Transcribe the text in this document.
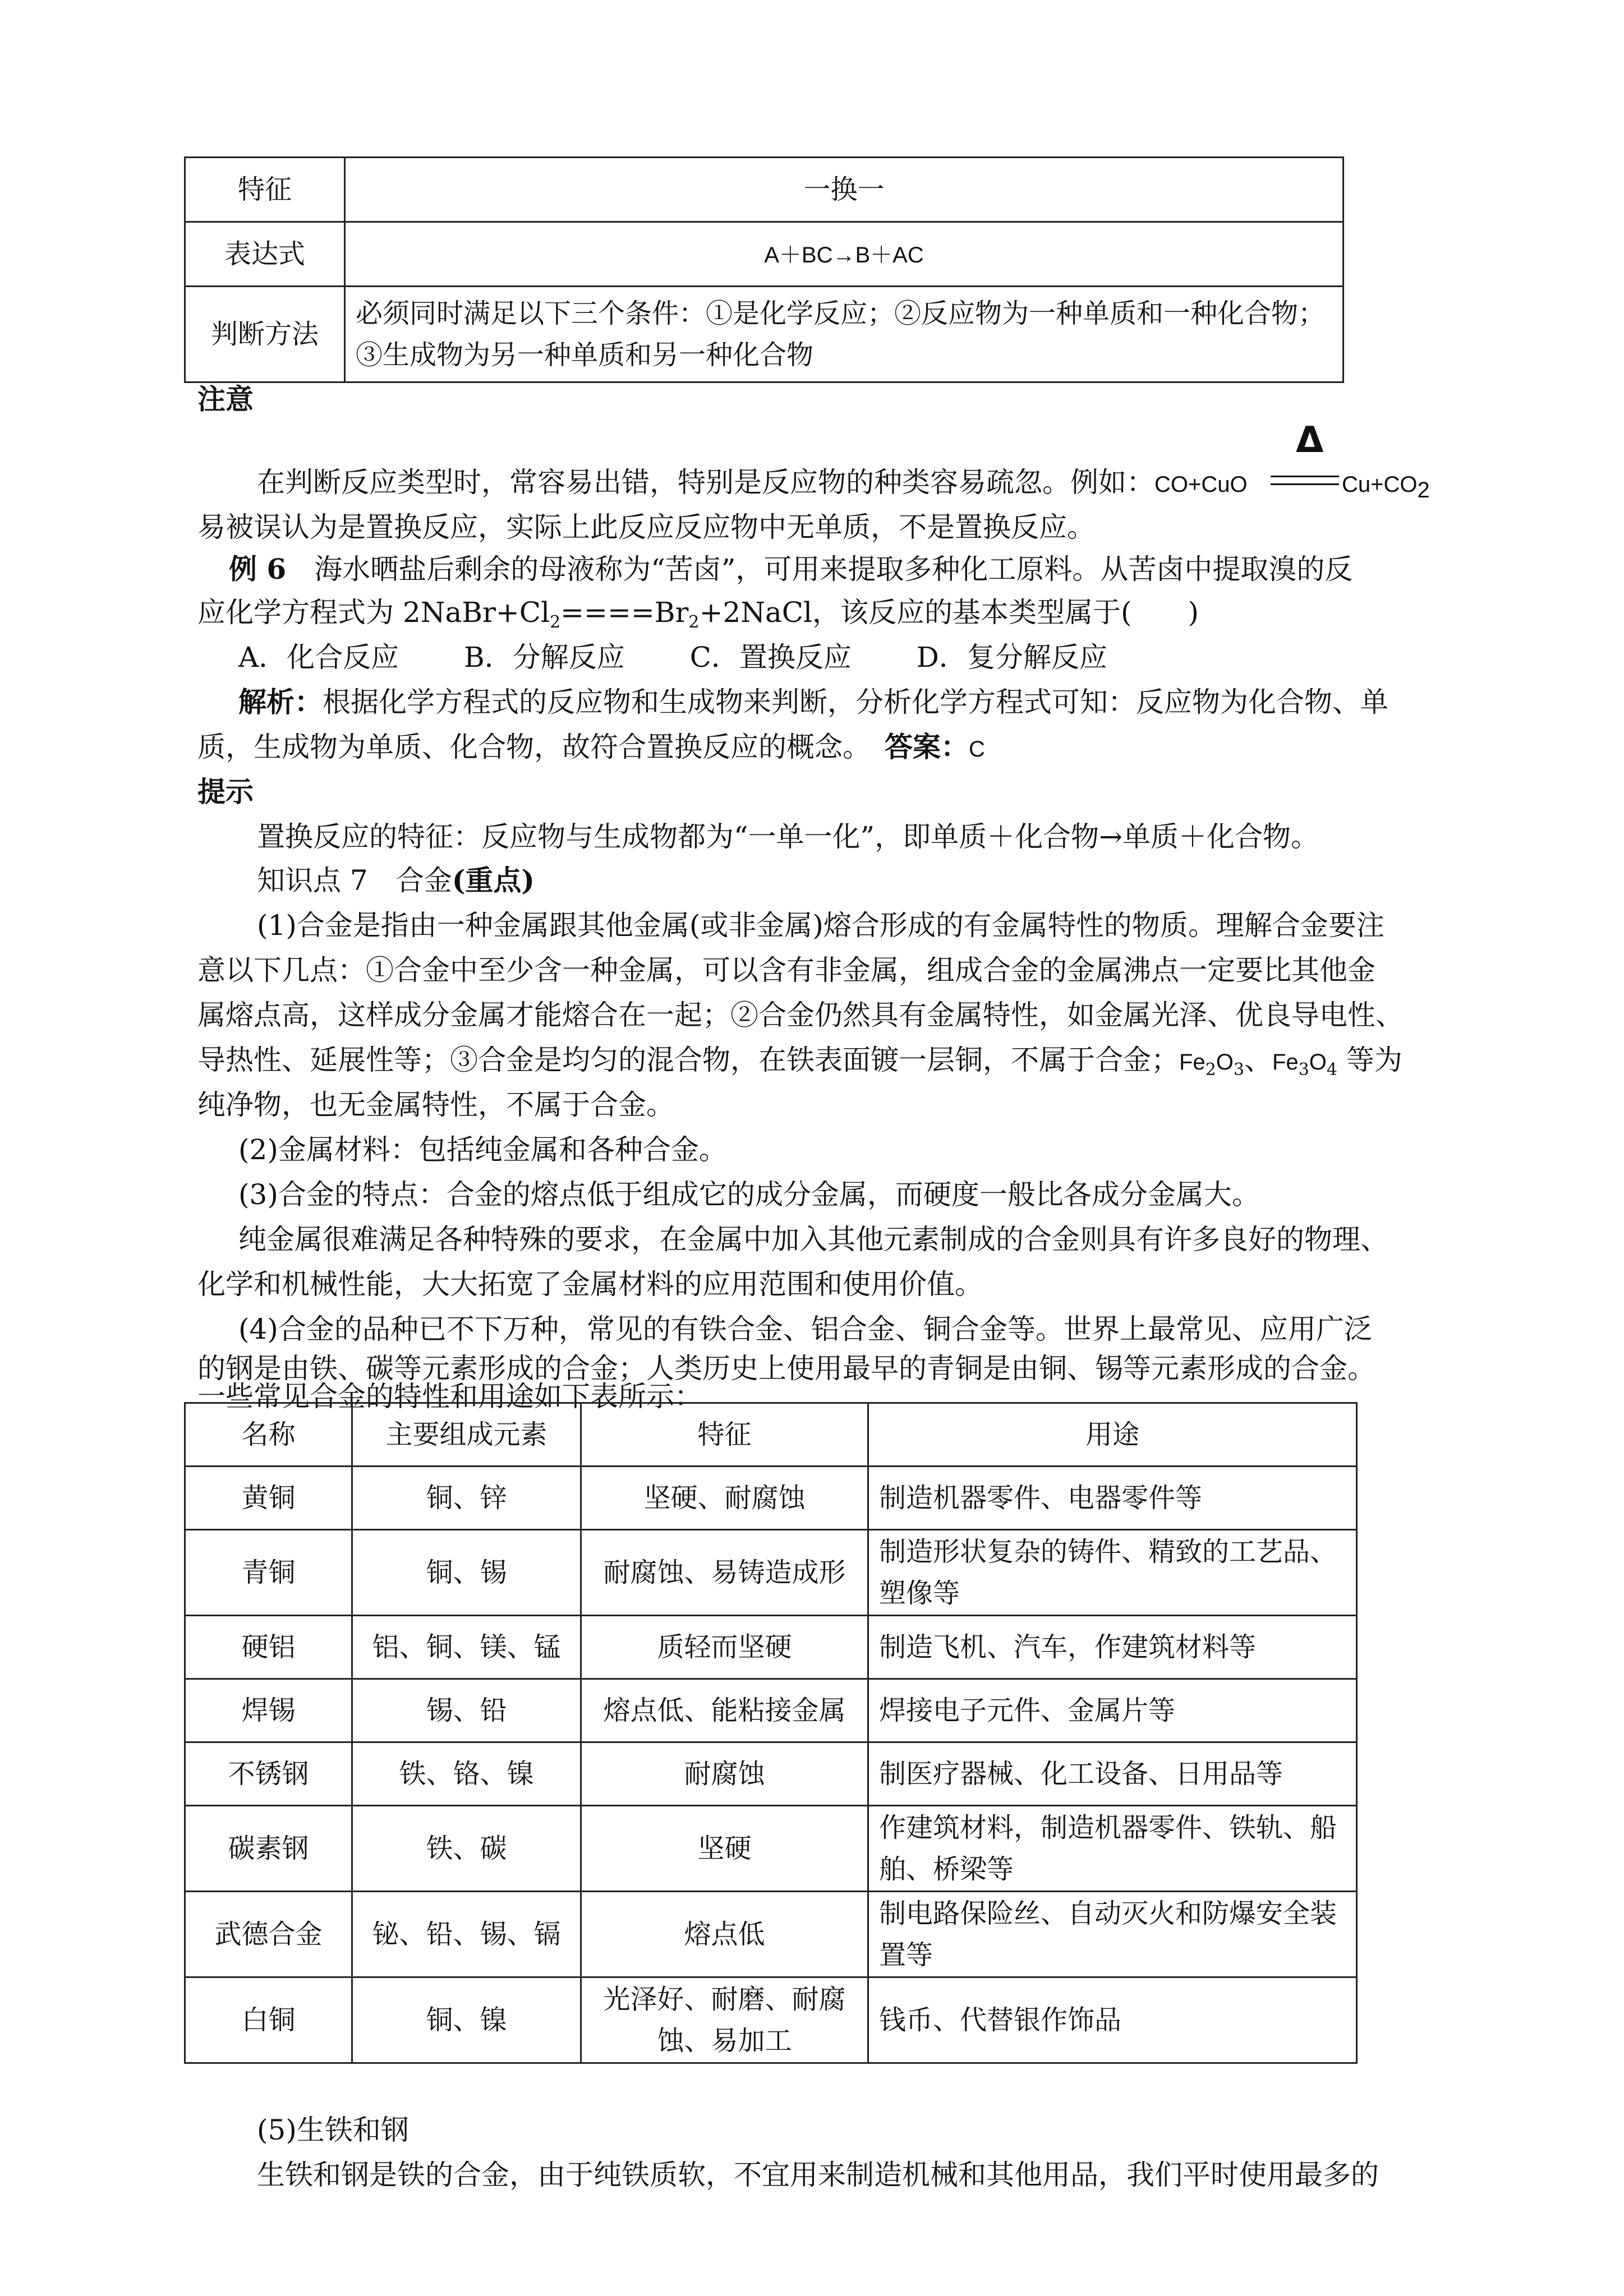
特征	一换一
表达式	A＋BC→B＋AC
判断方法	必须同时满足以下三个条件：①是化学反应；②反应物为一种单质和一种化合物；③生成物为另一种单质和另一种化合物
注意
在判断反应类型时，常容易出错，特别是反应物的种类容易疏忽。例如：CO+CuO
Δ
$Cu+CO_2$
易被误认为是置换反应，实际上此反应反应物中无单质，不是置换反应。
例 6　 海水晒盐后剩余的母液称为“苦卤”，可用来提取多种化工原料。从苦卤中提取溴的反
应化学方程式为 $2NaBr+Cl_2====Br_2+2NaCl$，该反应的基本类型属于(　　)
A．化合反应　　 B．分解反应　　 C．置换反应　　 D．复分解反应
解析：根据化学方程式的反应物和生成物来判断，分析化学方程式可知：反应物为化合物、单
质，生成物为单质、化合物，故符合置换反应的概念。　答案：C
提示
置换反应的特征：反应物与生成物都为“一单一化”，即单质＋化合物→单质＋化合物。
知识点 7　合金(重点)
(1)合金是指由一种金属跟其他金属(或非金属)熔合形成的有金属特性的物质。理解合金要注
意以下几点：①合金中至少含一种金属，可以含有非金属，组成合金的金属沸点一定要比其他金
属熔点高，这样成分金属才能熔合在一起；②合金仍然具有金属特性，如金属光泽、优良导电性、
导热性、延展性等；③合金是均匀的混合物，在铁表面镀一层铜，不属于合金；$Fe_2O_3$、$Fe_3O_4$ 等为
纯净物，也无金属特性，不属于合金。
(2)金属材料：包括纯金属和各种合金。
(3)合金的特点：合金的熔点低于组成它的成分金属，而硬度一般比各成分金属大。
纯金属很难满足各种特殊的要求，在金属中加入其他元素制成的合金则具有许多良好的物理、
化学和机械性能，大大拓宽了金属材料的应用范围和使用价值。
(4)合金的品种已不下万种，常见的有铁合金、铝合金、铜合金等。世界上最常见、应用广泛
的钢是由铁、碳等元素形成的合金；人类历史上使用最早的青铜是由铜、锡等元素形成的合金。
一些常见合金的特性和用途如下表所示：
名称	主要组成元素	特征	用途
黄铜	铜、锌	坚硬、耐腐蚀	制造机器零件、电器零件等
青铜	铜、锡	耐腐蚀、易铸造成形	制造形状复杂的铸件、精致的工艺品、塑像等
硬铝	铝、铜、镁、锰	质轻而坚硬	制造飞机、汽车，作建筑材料等
焊锡	锡、铅	熔点低、能粘接金属	焊接电子元件、金属片等
不锈钢	铁、铬、镍	耐腐蚀	制医疗器械、化工设备、日用品等
碳素钢	铁、碳	坚硬	作建筑材料，制造机器零件、铁轨、船舶、桥梁等
武德合金	铋、铅、锡、镉	熔点低	制电路保险丝、自动灭火和防爆安全装置等
白铜	铜、镍	光泽好、耐磨、耐腐蚀、易加工	钱币、代替银作饰品
(5)生铁和钢
生铁和钢是铁的合金，由于纯铁质软，不宜用来制造机械和其他用品，我们平时使用最多的
